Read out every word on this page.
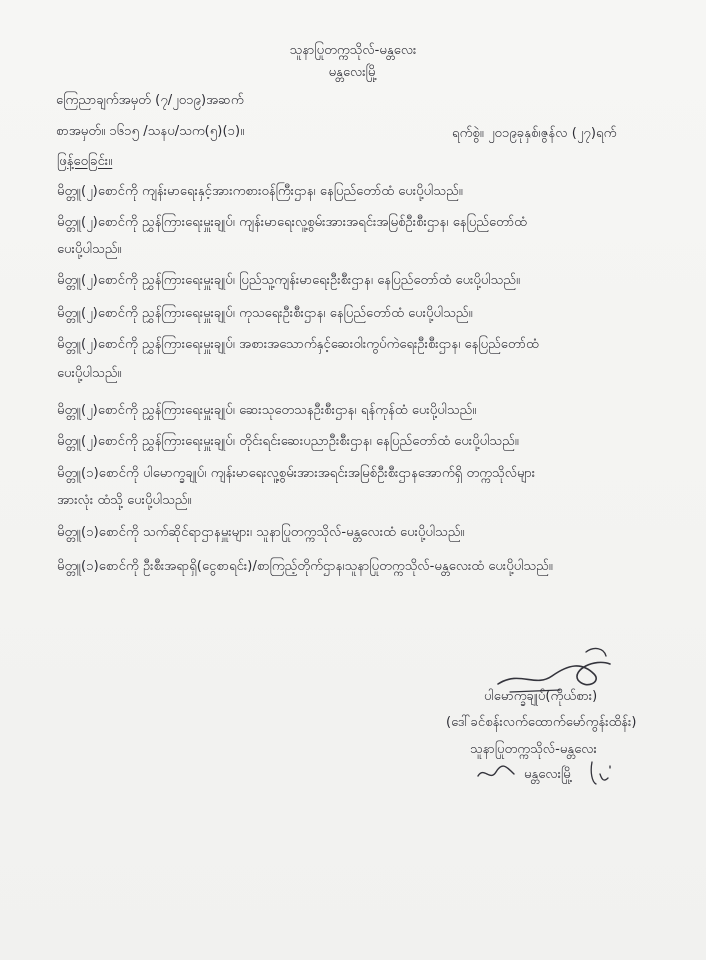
သူနာပြုတက္ကသိုလ်-မန္တလေး
မန္တလေးမြို့
ကြေညာချက်အမှတ် (၇/၂၀၁၉)အဆက်
စာအမှတ်။ ၁၆၁၅ /သနပ/သက(၅)(၁)။	ရက်စွဲ။ ၂၀၁၉ခုနှစ်၊ဇွန်လ (၂၇)ရက်
ဖြန့်ဝေခြင်း။
မိတ္တူ(၂)စောင်ကို ကျန်းမာရေးနှင့်အားကစားဝန်ကြီးဌာန၊ နေပြည်တော်ထံ ပေးပို့ပါသည်။
မိတ္တူ(၂)စောင်ကို ညွှန်ကြားရေးမှူးချုပ်၊ ကျန်းမာရေးလူ့စွမ်းအားအရင်းအမြစ်ဦးစီးဌာန၊ နေပြည်တော်ထံ
ပေးပို့ပါသည်။
မိတ္တူ(၂)စောင်ကို ညွှန်ကြားရေးမှူးချုပ်၊ ပြည်သူ့ကျန်းမာရေးဦးစီးဌာန၊ နေပြည်တော်ထံ ပေးပို့ပါသည်။
မိတ္တူ(၂)စောင်ကို ညွှန်ကြားရေးမှူးချုပ်၊ ကုသရေးဦးစီးဌာန၊ နေပြည်တော်ထံ ပေးပို့ပါသည်။
မိတ္တူ(၂)စောင်ကို ညွှန်ကြားရေးမှူးချုပ်၊ အစားအသောက်နှင့်ဆေးဝါးကွပ်ကဲရေးဦးစီးဌာန၊ နေပြည်တော်ထံ
ပေးပို့ပါသည်။
မိတ္တူ(၂)စောင်ကို ညွှန်ကြားရေးမှူးချုပ်၊ ဆေးသုတေသနဦးစီးဌာန၊ ရန်ကုန်ထံ ပေးပို့ပါသည်။
မိတ္တူ(၂)စောင်ကို ညွှန်ကြားရေးမှူးချုပ်၊ တိုင်းရင်းဆေးပညာဦးစီးဌာန၊ နေပြည်တော်ထံ ပေးပို့ပါသည်။
မိတ္တူ(၁)စောင်ကို ပါမောက္ခချုပ်၊ ကျန်းမာရေးလူ့စွမ်းအားအရင်းအမြစ်ဦးစီးဌာနအောက်ရှိ တက္ကသိုလ်များ
အားလုံး ထံသို့ ပေးပို့ပါသည်။
မိတ္တူ(၁)စောင်ကို သက်ဆိုင်ရာဌာနမှူးများ၊ သူနာပြုတက္ကသိုလ်-မန္တလေးထံ ပေးပို့ပါသည်။
မိတ္တူ(၁)စောင်ကို ဦးစီးအရာရှိ(ငွေစာရင်း)/စာကြည့်တိုက်ဌာန၊သူနာပြုတက္ကသိုလ်-မန္တလေးထံ ပေးပို့ပါသည်။
ပါမောက္ခချုပ်(ကိုယ်စား)
(ဒေါ်ခင်စန်းလက်ထောက်မော်ကွန်းထိန်း)
သူနာပြုတက္ကသိုလ်-မန္တလေး
မန္တလေးမြို့
